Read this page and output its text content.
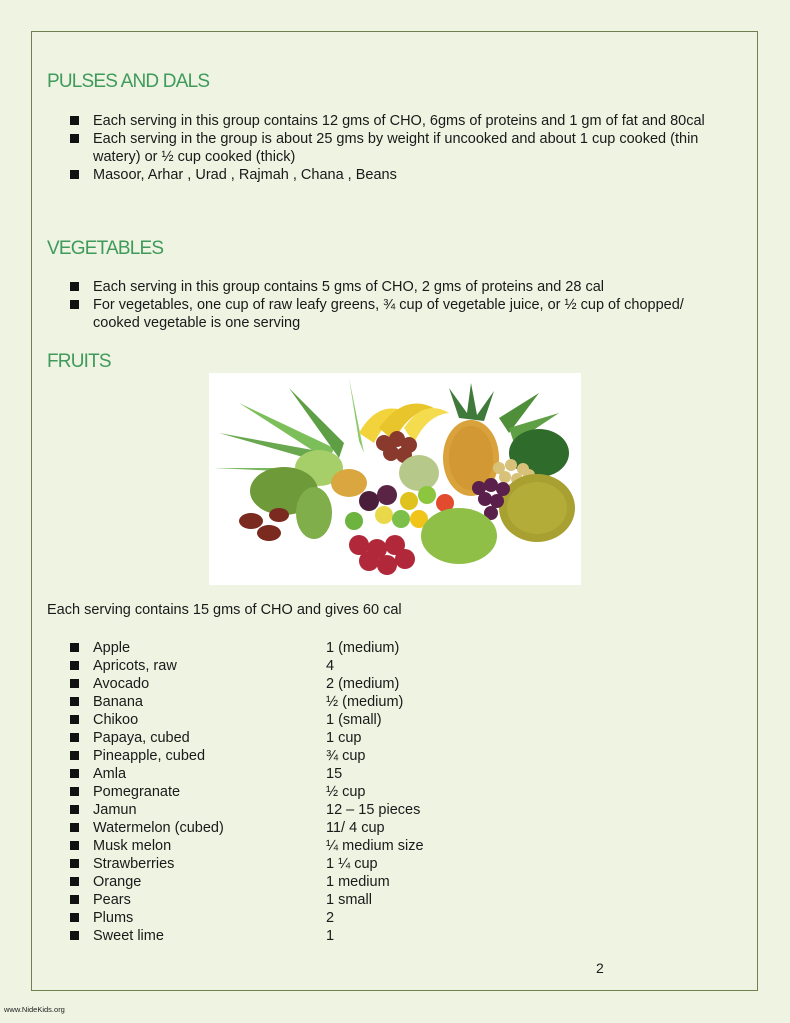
PULSES AND DALS
Each serving in this group contains 12 gms of CHO, 6gms of proteins and 1 gm of fat and 80cal
Each serving in the group is about 25 gms by weight if uncooked and about 1 cup cooked (thin watery) or ½ cup cooked (thick)
Masoor, Arhar , Urad , Rajmah , Chana , Beans
VEGETABLES
Each serving in this group contains 5 gms of CHO, 2 gms of proteins and 28 cal
For vegetables, one cup of raw leafy greens, ¾ cup of vegetable juice, or ½ cup of chopped/ cooked vegetable is one serving
FRUITS

Each serving contains 15 gms of CHO and gives 60 cal

Apple	1 (medium)
Apricots, raw	4
Avocado	2 (medium)
Banana	½ (medium)
Chikoo	1 (small)
Papaya, cubed	1 cup
Pineapple, cubed	¾ cup
Amla	15
Pomegranate	½ cup
Jamun	12 – 15 pieces
Watermelon (cubed)	11/ 4 cup
Musk melon	¼ medium size
Strawberries	1 ¼ cup
Orange	1 medium
Pears	1 small
Plums	2
Sweet lime	1
2
www.NideKids.org
